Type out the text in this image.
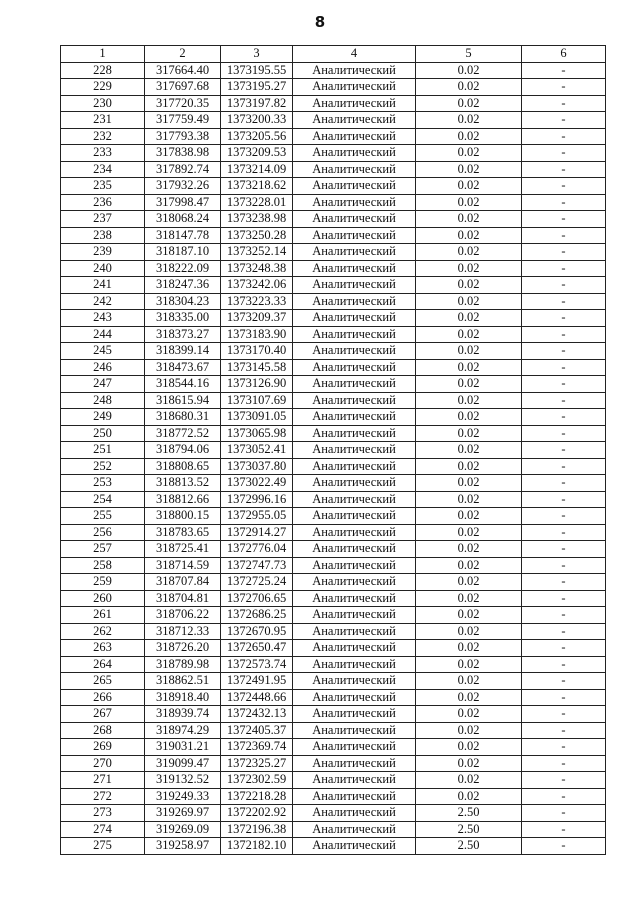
8
1	2	3	4	5	6
228	317664.40	1373195.55	Аналитический	0.02	-
229	317697.68	1373195.27	Аналитический	0.02	-
230	317720.35	1373197.82	Аналитический	0.02	-
231	317759.49	1373200.33	Аналитический	0.02	-
232	317793.38	1373205.56	Аналитический	0.02	-
233	317838.98	1373209.53	Аналитический	0.02	-
234	317892.74	1373214.09	Аналитический	0.02	-
235	317932.26	1373218.62	Аналитический	0.02	-
236	317998.47	1373228.01	Аналитический	0.02	-
237	318068.24	1373238.98	Аналитический	0.02	-
238	318147.78	1373250.28	Аналитический	0.02	-
239	318187.10	1373252.14	Аналитический	0.02	-
240	318222.09	1373248.38	Аналитический	0.02	-
241	318247.36	1373242.06	Аналитический	0.02	-
242	318304.23	1373223.33	Аналитический	0.02	-
243	318335.00	1373209.37	Аналитический	0.02	-
244	318373.27	1373183.90	Аналитический	0.02	-
245	318399.14	1373170.40	Аналитический	0.02	-
246	318473.67	1373145.58	Аналитический	0.02	-
247	318544.16	1373126.90	Аналитический	0.02	-
248	318615.94	1373107.69	Аналитический	0.02	-
249	318680.31	1373091.05	Аналитический	0.02	-
250	318772.52	1373065.98	Аналитический	0.02	-
251	318794.06	1373052.41	Аналитический	0.02	-
252	318808.65	1373037.80	Аналитический	0.02	-
253	318813.52	1373022.49	Аналитический	0.02	-
254	318812.66	1372996.16	Аналитический	0.02	-
255	318800.15	1372955.05	Аналитический	0.02	-
256	318783.65	1372914.27	Аналитический	0.02	-
257	318725.41	1372776.04	Аналитический	0.02	-
258	318714.59	1372747.73	Аналитический	0.02	-
259	318707.84	1372725.24	Аналитический	0.02	-
260	318704.81	1372706.65	Аналитический	0.02	-
261	318706.22	1372686.25	Аналитический	0.02	-
262	318712.33	1372670.95	Аналитический	0.02	-
263	318726.20	1372650.47	Аналитический	0.02	-
264	318789.98	1372573.74	Аналитический	0.02	-
265	318862.51	1372491.95	Аналитический	0.02	-
266	318918.40	1372448.66	Аналитический	0.02	-
267	318939.74	1372432.13	Аналитический	0.02	-
268	318974.29	1372405.37	Аналитический	0.02	-
269	319031.21	1372369.74	Аналитический	0.02	-
270	319099.47	1372325.27	Аналитический	0.02	-
271	319132.52	1372302.59	Аналитический	0.02	-
272	319249.33	1372218.28	Аналитический	0.02	-
273	319269.97	1372202.92	Аналитический	2.50	-
274	319269.09	1372196.38	Аналитический	2.50	-
275	319258.97	1372182.10	Аналитический	2.50	-
